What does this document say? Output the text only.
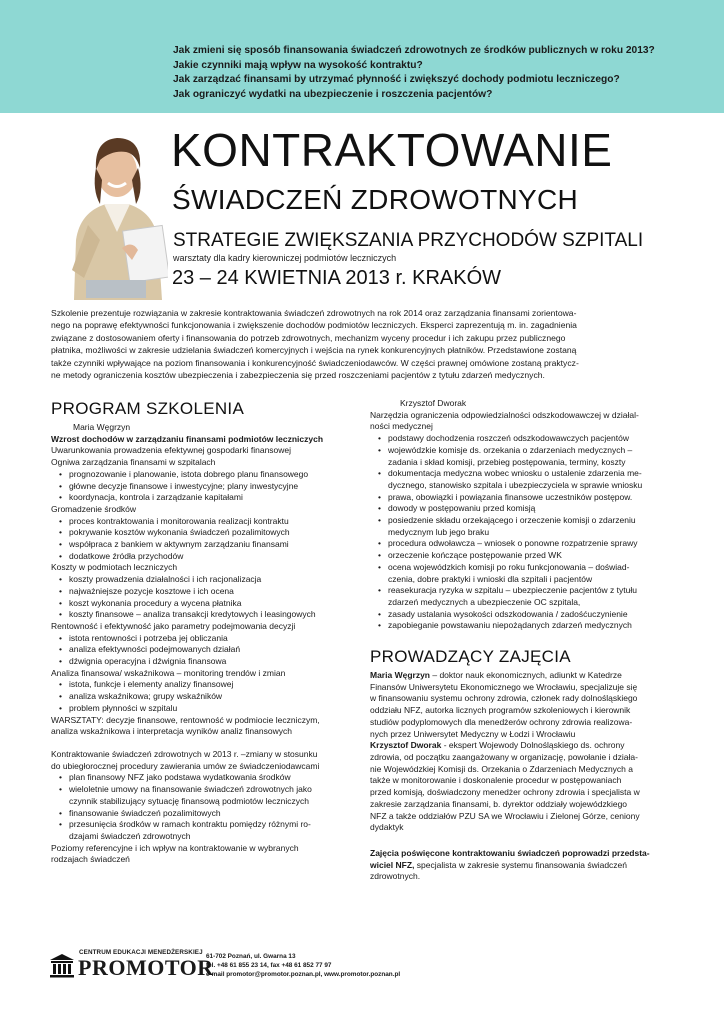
Jak zmieni się sposób finansowania świadczeń zdrowotnych ze środków publicznych w roku 2013?
Jakie czynniki mają wpływ na wysokość kontraktu?
Jak zarządzać finansami by utrzymać płynność i zwiększyć dochody podmiotu leczniczego?
Jak ograniczyć wydatki na ubezpieczenie i roszczenia pacjentów?
KONTRAKTOWANIE
ŚWIADCZEŃ ZDROWOTNYCH
STRATEGIE ZWIĘKSZANIA PRZYCHODÓW SZPITALI
warsztaty dla kadry kierowniczej podmiotów leczniczych
23 – 24 KWIETNIA 2013 r. KRAKÓW
Szkolenie prezentuje rozwiązania w zakresie kontraktowania świadczeń zdrowotnych na rok 2014 oraz zarządzania finansami zorientowa-
nego na poprawę efektywności funkcjonowania i zwiększenie dochodów podmiotów leczniczych. Eksperci zaprezentują m. in. zagadnienia
związane z dostosowaniem oferty i finansowania do potrzeb zdrowotnych, mechanizm wyceny procedur i ich zakupu przez publicznego
płatnika, możliwości w zakresie udzielania świadczeń komercyjnych i wejścia na rynek konkurencyjnych płatników. Przedstawione zostaną
także czynniki wpływające na poziom finansowania i konkurencyjność świadczeniodawców. W części prawnej omówione zostaną praktycz-
ne metody ograniczenia kosztów ubezpieczenia i zabezpieczenia się przed roszczeniami pacjentów z tytułu zdarzeń medycznych.
PROGRAM SZKOLENIA
Maria Węgrzyn
Wzrost dochodów w zarządzaniu finansami podmiotów leczniczych
Uwarunkowania prowadzenia efektywnej gospodarki finansowej
Ogniwa zarządzania finansami w szpitalach
• prognozowanie i planowanie, istota dobrego planu finansowego
• główne decyzje finansowe i inwestycyjne; plany inwestycyjne
• koordynacja, kontrola i zarządzanie kapitałami
Gromadzenie środków
• proces kontraktowania i monitorowania realizacji kontraktu
• pokrywanie kosztów wykonania świadczeń pozalimitowych
• współpraca z bankiem w aktywnym zarządzaniu finansami
• dodatkowe źródła przychodów
Koszty w podmiotach leczniczych
• koszty prowadzenia działalności i ich racjonalizacja
• najważniejsze pozycje kosztowe i ich ocena
• koszt wykonania procedury a wycena płatnika
• koszty finansowe – analiza transakcji kredytowych i leasingowych
Rentowność i efektywność jako parametry podejmowania decyzji
• istota rentowności i potrzeba jej obliczania
• analiza efektywności podejmowanych działań
• dźwignia operacyjna i dźwignia finansowa
Analiza finansowa/ wskaźnikowa – monitoring trendów i zmian
• istota, funkcje i elementy analizy finansowej
• analiza wskaźnikowa; grupy wskaźników
• problem płynności w szpitalu
WARSZTATY: decyzje finansowe, rentowność w podmiocie leczniczym,
analiza wskaźnikowa i interpretacja wyników analiz finansowych
Kontraktowanie świadczeń zdrowotnych w 2013 r. –zmiany w stosunku
do ubiegłorocznej procedury zawierania umów ze świadczeniodawcami
• plan finansowy NFZ jako podstawa wydatkowania środków
• wieloletnie umowy na finansowanie świadczeń zdrowotnych jako
czynnik stabilizujący sytuację finansową podmiotów leczniczych
• finansowanie świadczeń pozalimitowych
• przesunięcia środków w ramach kontraktu pomiędzy różnymi ro-
dzajami świadczeń zdrowotnych
Poziomy referencyjne i ich wpływ na kontraktowanie w wybranych
rodzajach świadczeń
Krzysztof Dworak
Narzędzia ograniczenia odpowiedzialności odszkodowawczej w działal-
ności medycznej
• podstawy dochodzenia roszczeń odszkodowawczych pacjentów
• wojewódzkie komisje ds. orzekania o zdarzeniach medycznych –
zadania i skład komisji, przebieg postępowania, terminy, koszty
• dokumentacja medyczna wobec wniosku o ustalenie zdarzenia me-
dycznego, stanowisko szpitala i ubezpieczyciela w sprawie wniosku
• prawa, obowiązki i powiązania finansowe uczestników postępow.
• dowody w postępowaniu przed komisją
• posiedzenie składu orzekającego i orzeczenie komisji o zdarzeniu
medycznym lub jego braku
• procedura odwoławcza – wniosek o ponowne rozpatrzenie sprawy
• orzeczenie kończące postępowanie przed WK
• ocena wojewódzkich komisji po roku funkcjonowania – doświad-
czenia, dobre praktyki i wnioski dla szpitali i pacjentów
• reasekuracja ryzyka w szpitalu – ubezpieczenie pacjentów z tytułu
zdarzeń medycznych a ubezpieczenie OC szpitala,
• zasady ustalania wysokości odszkodowania / zadośćuczynienie
• zapobieganie powstawaniu niepożądanych zdarzeń medycznych
PROWADZĄCY ZAJĘCIA
Maria Węgrzyn – doktor nauk ekonomicznych, adiunkt w Katedrze
Finansów Uniwersytetu Ekonomicznego we Wrocławiu, specjalizuje się
w finansowaniu systemu ochrony zdrowia, członek rady dolnośląskiego
oddziału NFZ, autorka licznych programów szkoleniowych i kierownik
studiów podyplomowych dla menedżerów ochrony zdrowia realizowa-
nych przez Uniwersytet Medyczny w Łodzi i Wrocławiu
Krzysztof Dworak - ekspert Wojewody Dolnośląskiego ds. ochrony
zdrowia, od początku zaangażowany w organizację, powołanie i działa-
nie Wojewódzkiej Komisji ds. Orzekania o Zdarzeniach Medycznych a
także w monitorowanie i doskonalenie procedur w postępowaniach
przed komisją, doświadczony menedżer ochrony zdrowia i specjalista w
zakresie zarządzania finansami, b. dyrektor oddziały wojewódzkiego
NFZ a także oddziałów PZU SA we Wrocławiu i Zielonej Górze, ceniony
dydaktyk
Zajęcia poświęcone kontraktowaniu świadczeń poprowadzi przedsta-
wiciel NFZ, specjalista w zakresie systemu finansowania świadczeń
zdrowotnych.
CENTRUM EDUKACJI MENEDŻERSKIEJ
PROMOTOR
61-702 Poznań, ul. Gwarna 13
tel. +48 61 855 23 14, fax +48 61 852 77 97
e-mail promotor@promotor.poznan.pl, www.promotor.poznan.pl
